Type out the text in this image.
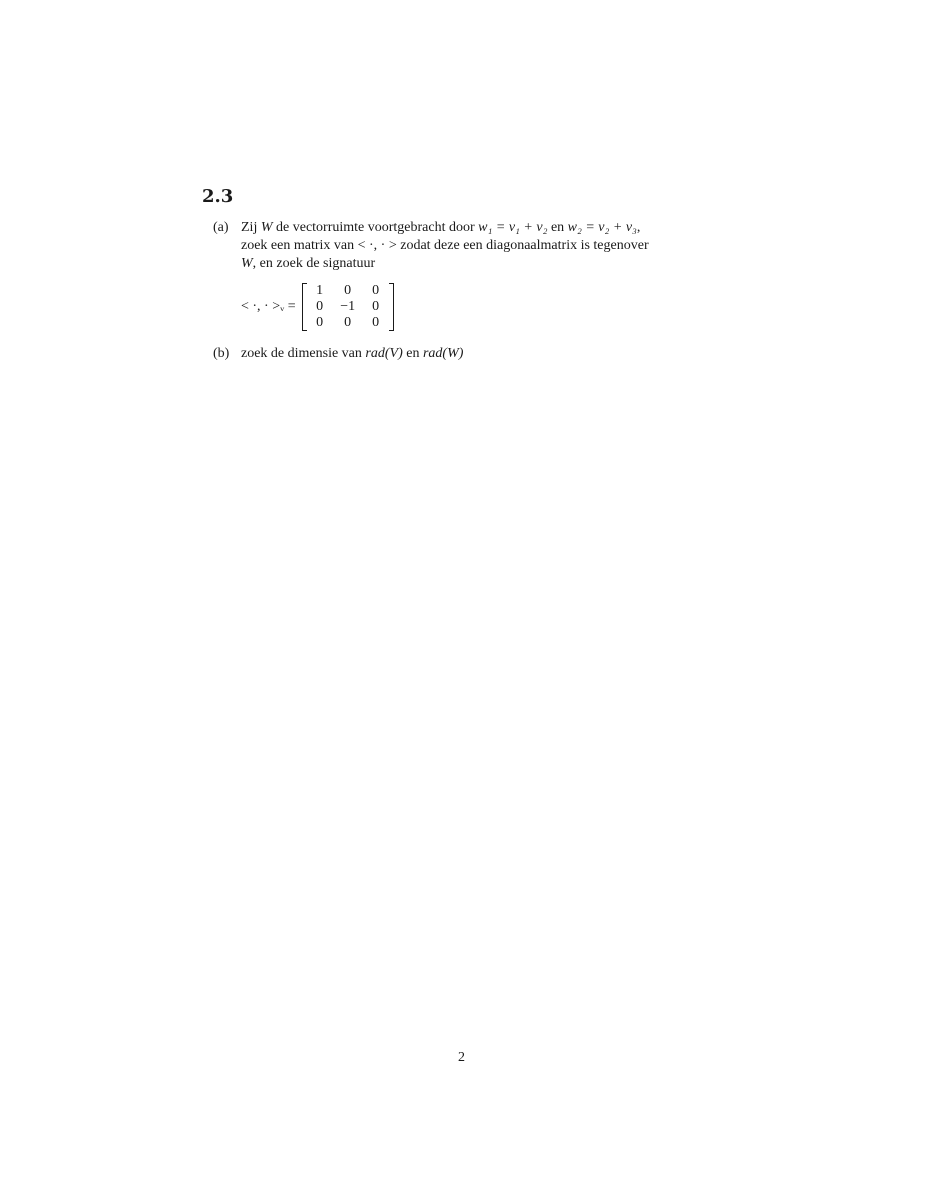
2.3
(a) Zij W de vectorruimte voortgebracht door w₁ = v₁ + v₂ en w₂ = v₂ + v₃,
zoek een matrix van < ·, · > zodat deze een diagonaalmatrix is tegenover
W, en zoek de signatuur
< ·, · >ᵥ =
1	0	0
0	−1	0
0	0	0
(b) zoek de dimensie van rad(V) en rad(W)
2
